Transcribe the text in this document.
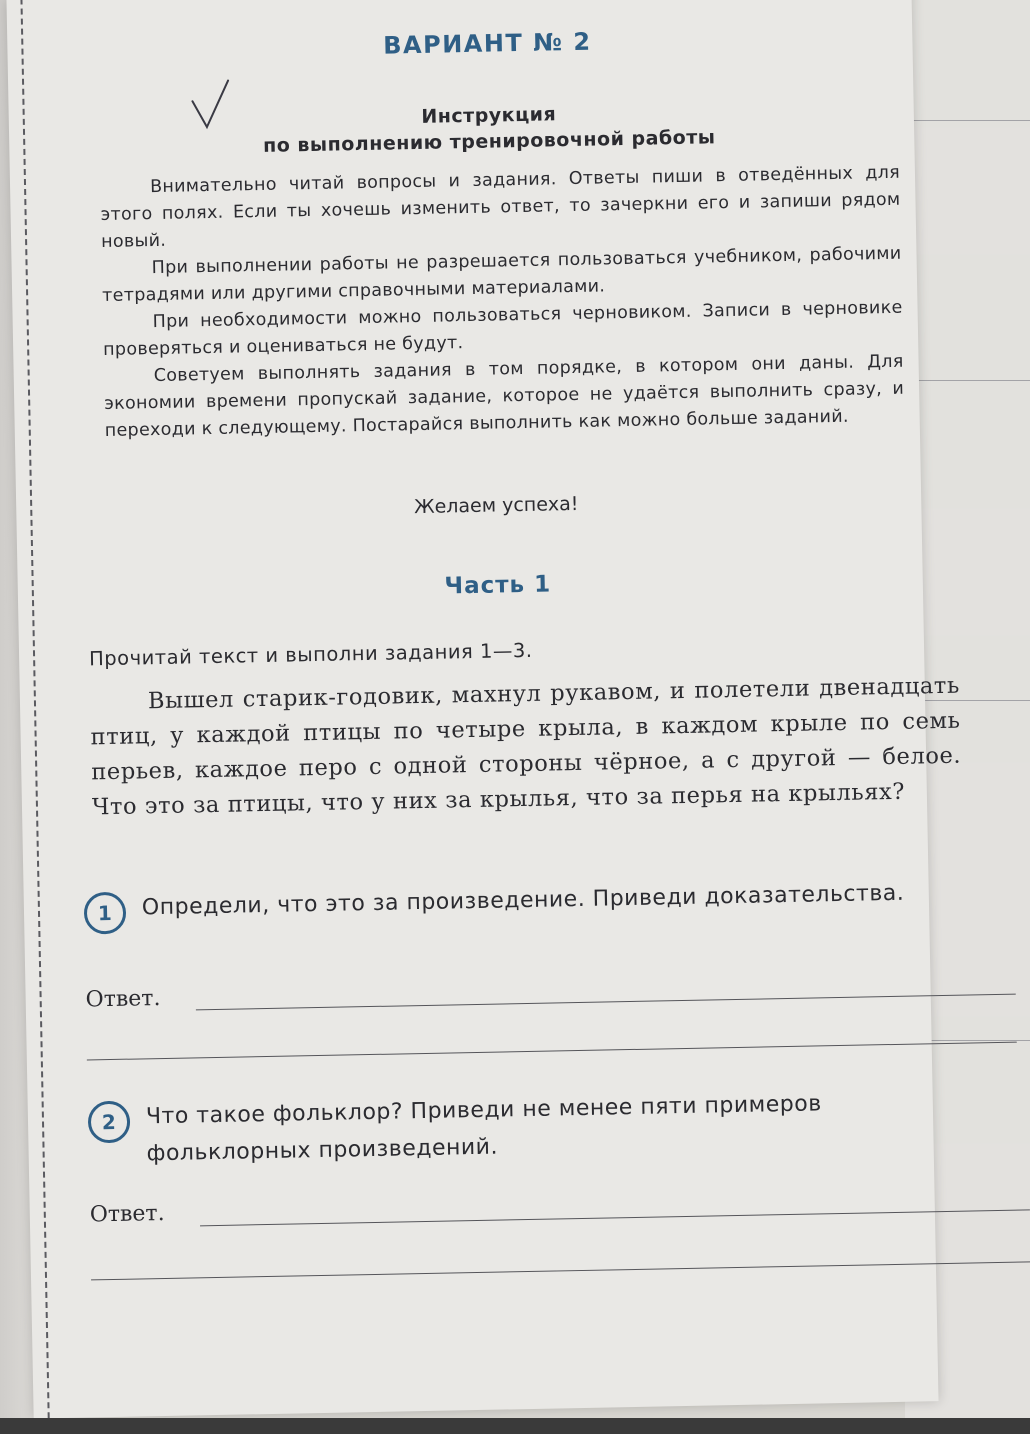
ВАРИАНТ № 2
Инструкция
по выполнению тренировочной работы

Внимательно читай вопросы и задания. Ответы пиши в отведённых для этого полях. Если ты хочешь изменить ответ, то зачеркни его и запиши рядом новый.

При выполнении работы не разрешается пользоваться учебником, рабочими тетрадями или другими справочными материалами.

При необходимости можно пользоваться черновиком. Записи в черновике проверяться и оцениваться не будут.

Советуем выполнять задания в том порядке, в котором они даны. Для экономии времени пропускай задание, которое не удаётся выполнить сразу, и переходи к следующему. Постарайся выполнить как можно больше заданий.

Желаем успеха!
Часть 1
Прочитай текст и выполни задания 1—3.
Вышел старик-годовик, махнул рукавом, и полетели двенадцать птиц, у каждой птицы по четыре крыла, в каждом крыле по семь перьев, каждое перо с одной стороны чёрное, а с другой — белое. Что это за птицы, что у них за крылья, что за перья на крыльях?
1	Определи, что это за произведение. Приведи доказательства.
Ответ.
2	Что такое фольклор? Приведи не менее пяти примеров фольклорных произведений.
Ответ.
